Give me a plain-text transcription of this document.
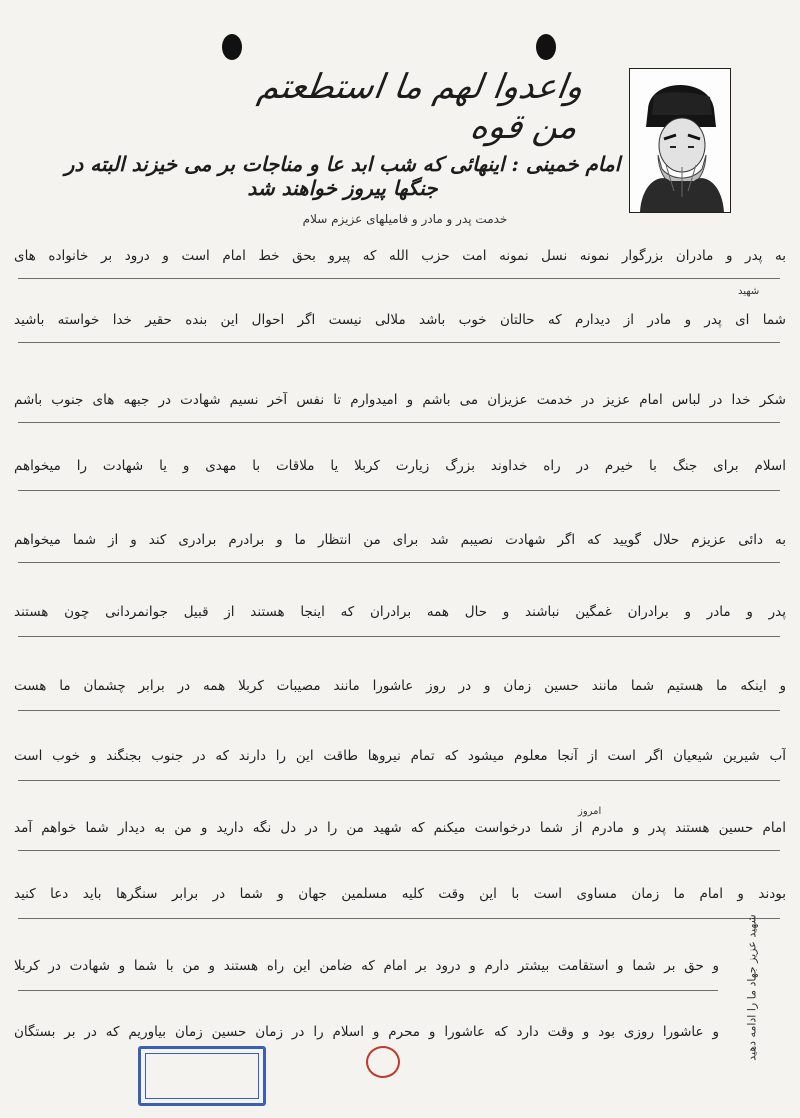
واعدوا لهم ما استطعتم من قوه
امام خمینی : اینهائی که شب ابد عا و مناجات بر می خیزند البته در جنگها پیروز خواهند شد
خدمت پدر و مادر و فامیلهای عزیزم سلام
شهید
امروز
به پدر و مادران بزرگوار نمونه نسل نمونه امت حزب الله که پیرو بحق خط امام است و درود بر خانواده های
شما ای پدر و مادر از دیدارم که حالتان خوب باشد ملالی نیست اگر احوال این بنده حقیر خدا خواسته باشید
شکر خدا در لباس امام عزیز در خدمت عزیزان می باشم و امیدوارم تا نفس آخر نسیم شهادت در جبهه های جنوب باشم
اسلام برای جنگ با خیرم در راه خداوند بزرگ زیارت کربلا یا ملاقات با مهدی و یا شهادت را میخواهم
به دائی عزیزم حلال گویید که اگر شهادت نصیبم شد برای من انتظار ما و برادرم برادری کند و از شما میخواهم
پدر و مادر و برادران غمگین نباشند و حال همه برادران که اینجا هستند از قبیل جوانمردانی چون هستند
و اینکه ما هستیم شما مانند حسین زمان و در روز عاشورا مانند مصیبات کربلا همه در برابر چشمان ما هست
آب شیرین شیعیان اگر است از آنجا معلوم میشود که تمام نیروها طاقت این را دارند که در جنوب بجنگند و خوب است
امام حسین هستند پدر و مادرم از شما درخواست میکنم که شهید من را در دل نگه دارید و من به دیدار شما خواهم آمد
بودند و امام ما زمان مساوی است با این وقت کلیه مسلمین جهان و شما در برابر سنگرها باید دعا کنید
و حق بر شما و استقامت بیشتر دارم و درود بر امام که ضامن این راه هستند و من با شما و شهادت در کربلا
و عاشورا روزی بود و وقت دارد که عاشورا و محرم و اسلام را در زمان حسین زمان بیاوریم که در بر بستگان شهید عزیز جهاد ما را ادامه دهید
